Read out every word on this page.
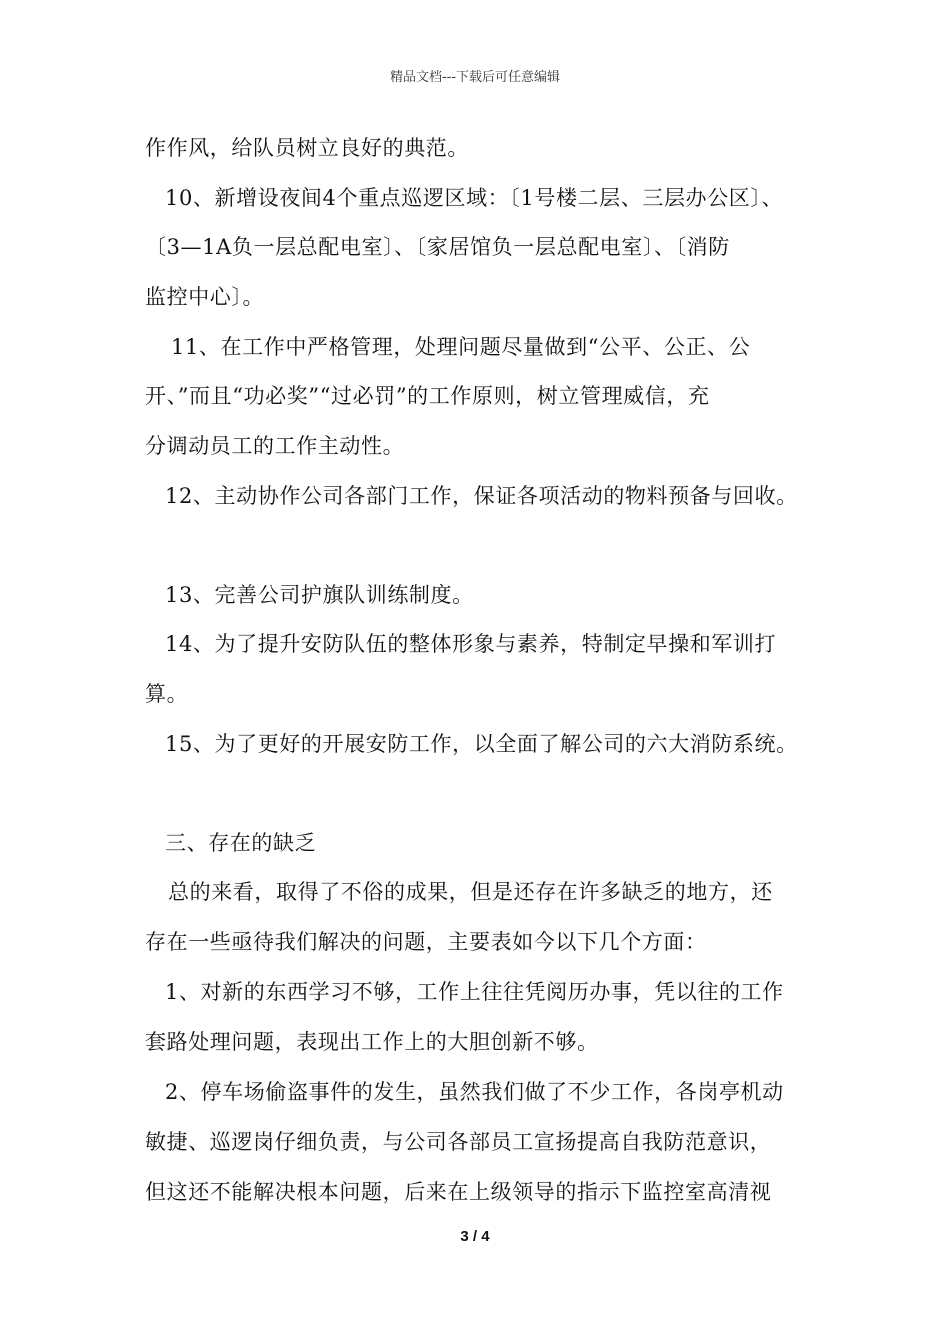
精品文档---下载后可任意编辑
作作风，给队员树立良好的典范。
10、新增设夜间4个重点巡逻区域：〔1号楼二层、三层办公区〕、
〔3—1A负一层总配电室〕、〔家居馆负一层总配电室〕、〔消防
监控中心〕。
11、在工作中严格管理，处理问题尽量做到“公平、公正、公
开、”而且“功必奖”“过必罚”的工作原则，树立管理威信，充
分调动员工的工作主动性。
12、主动协作公司各部门工作，保证各项活动的物料预备与回收。
13、完善公司护旗队训练制度。
14、为了提升安防队伍的整体形象与素养，特制定早操和军训打
算。
15、为了更好的开展安防工作，以全面了解公司的六大消防系统。
三、存在的缺乏
总的来看，取得了不俗的成果，但是还存在许多缺乏的地方，还
存在一些亟待我们解决的问题，主要表如今以下几个方面：
1、对新的东西学习不够，工作上往往凭阅历办事，凭以往的工作
套路处理问题，表现出工作上的大胆创新不够。
2、停车场偷盗事件的发生，虽然我们做了不少工作，各岗亭机动
敏捷、巡逻岗仔细负责，与公司各部员工宣扬提高自我防范意识，
但这还不能解决根本问题，后来在上级领导的指示下监控室高清视
3 / 4
